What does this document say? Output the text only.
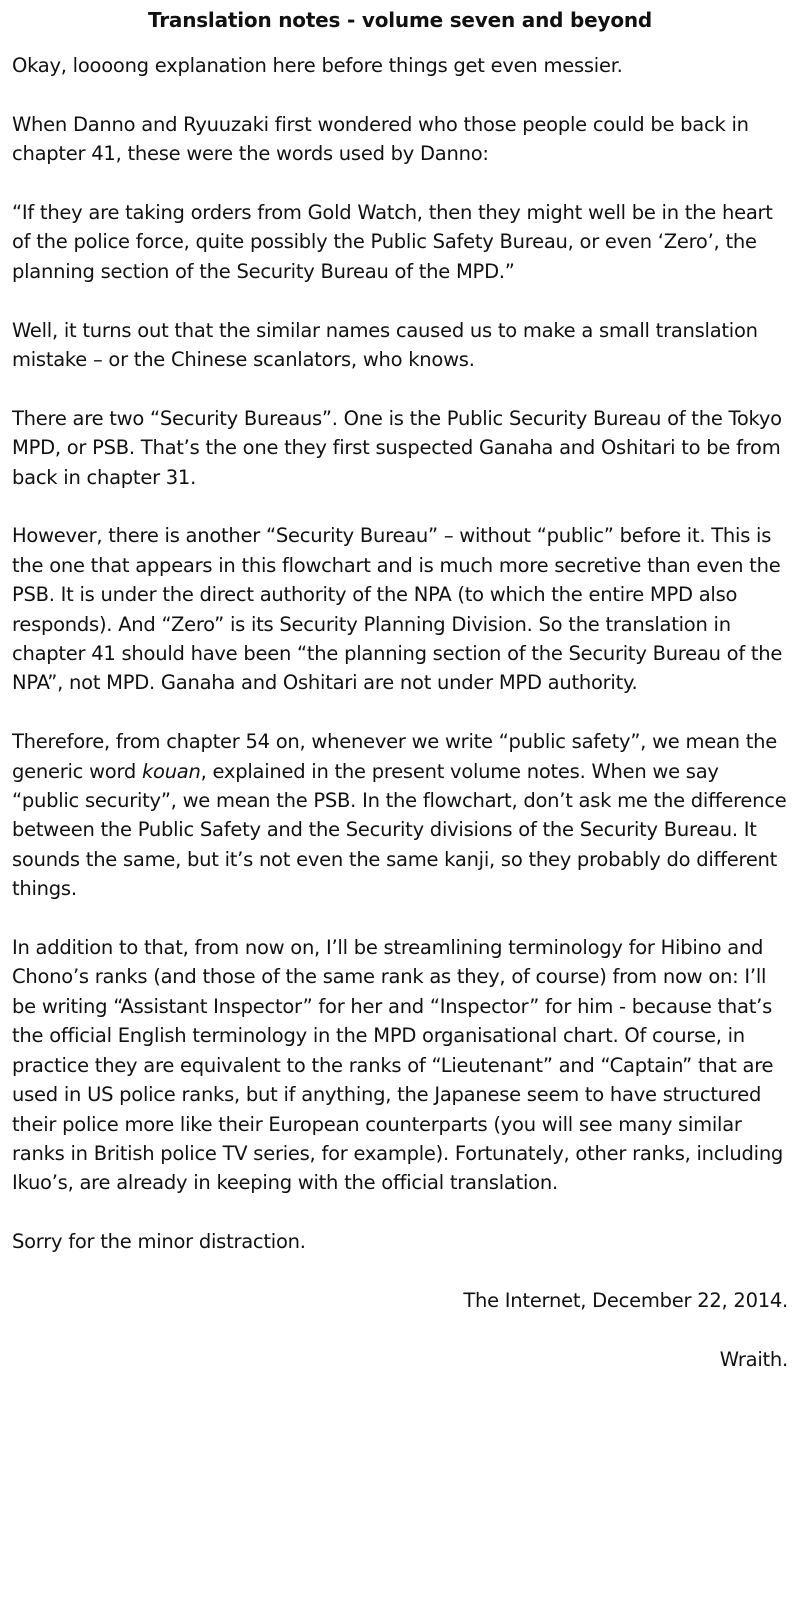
Translation notes - volume seven and beyond

Okay, loooong explanation here before things get even messier.

When Danno and Ryuuzaki first wondered who those people could be back in chapter 41, these were the words used by Danno:

“If they are taking orders from Gold Watch, then they might well be in the heart of the police force, quite possibly the Public Safety Bureau, or even ‘Zero’, the planning section of the Security Bureau of the MPD.”

Well, it turns out that the similar names caused us to make a small translation mistake – or the Chinese scanlators, who knows.

There are two “Security Bureaus”. One is the Public Security Bureau of the Tokyo MPD, or PSB. That’s the one they first suspected Ganaha and Oshitari to be from back in chapter 31.

However, there is another “Security Bureau” – without “public” before it. This is the one that appears in this flowchart and is much more secretive than even the PSB. It is under the direct authority of the NPA (to which the entire MPD also responds). And “Zero” is its Security Planning Division. So the translation in chapter 41 should have been “the planning section of the Security Bureau of the NPA”, not MPD. Ganaha and Oshitari are not under MPD authority.

Therefore, from chapter 54 on, whenever we write “public safety”, we mean the generic word kouan, explained in the present volume notes. When we say “public security”, we mean the PSB. In the flowchart, don’t ask me the difference between the Public Safety and the Security divisions of the Security Bureau. It sounds the same, but it’s not even the same kanji, so they probably do different things.

In addition to that, from now on, I’ll be streamlining terminology for Hibino and Chono’s ranks (and those of the same rank as they, of course) from now on: I’ll be writing “Assistant Inspector” for her and “Inspector” for him - because that’s the official English terminology in the MPD organisational chart. Of course, in practice they are equivalent to the ranks of “Lieutenant” and “Captain” that are used in US police ranks, but if anything, the Japanese seem to have structured their police more like their European counterparts (you will see many similar ranks in British police TV series, for example). Fortunately, other ranks, including Ikuo’s, are already in keeping with the official translation.

Sorry for the minor distraction.

The Internet, December 22, 2014.
Wraith.
